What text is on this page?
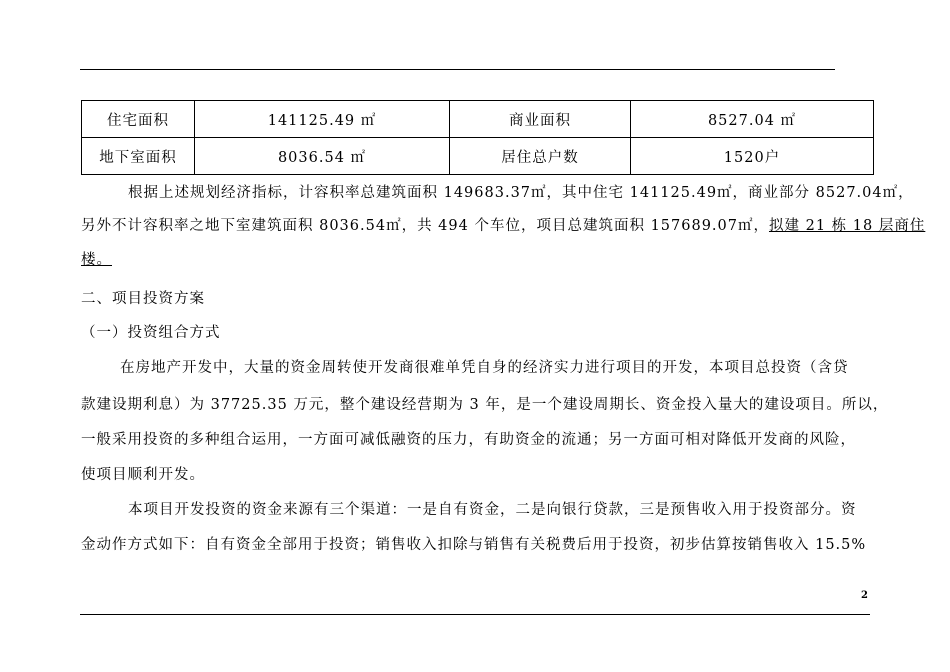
住宅面积	141125.49 ㎡	商业面积	8527.04 ㎡
地下室面积	8036.54 ㎡	居住总户数	1520户
根据上述规划经济指标，计容积率总建筑面积 149683.37㎡，其中住宅 141125.49㎡，商业部分 8527.04㎡，
另外不计容积率之地下室建筑面积 8036.54㎡，共 494 个车位，项目总建筑面积 157689.07㎡，拟建 21 栋 18 层商住
楼。
二、项目投资方案
（一）投资组合方式
在房地产开发中，大量的资金周转使开发商很难单凭自身的经济实力进行项目的开发，本项目总投资（含贷
款建设期利息）为 37725.35 万元，整个建设经营期为 3 年，是一个建设周期长、资金投入量大的建设项目。所以，
一般采用投资的多种组合运用，一方面可减低融资的压力，有助资金的流通；另一方面可相对降低开发商的风险，
使项目顺利开发。
本项目开发投资的资金来源有三个渠道：一是自有资金，二是向银行贷款，三是预售收入用于投资部分。资
金动作方式如下：自有资金全部用于投资；销售收入扣除与销售有关税费后用于投资，初步估算按销售收入 15.5%
2
